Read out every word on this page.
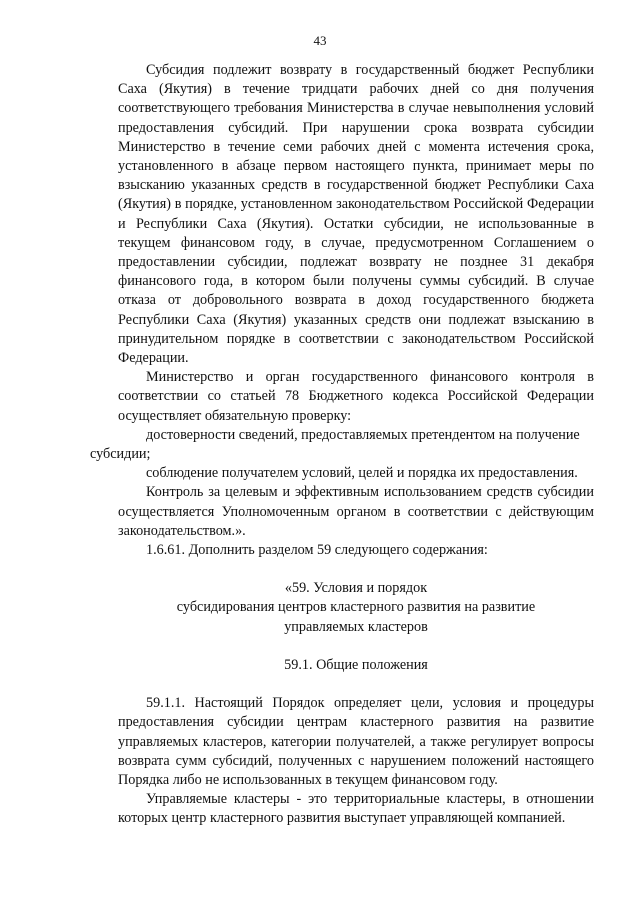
43

Субсидия подлежит возврату в государственный бюджет Республики Саха (Якутия) в течение тридцати рабочих дней со дня получения соответствующего требования Министерства в случае невыполнения условий предоставления субсидий. При нарушении срока возврата субсидии Министерство в течение семи рабочих дней с момента истечения срока, установленного в абзаце первом настоящего пункта, принимает меры по взысканию указанных средств в государственной бюджет Республики Саха (Якутия) в порядке, установленном законодательством Российской Федерации и Республики Саха (Якутия). Остатки субсидии, не использованные в текущем финансовом году, в случае, предусмотренном Соглашением о предоставлении субсидии, подлежат возврату не позднее 31 декабря финансового года, в котором были получены суммы субсидий. В случае отказа от добровольного возврата в доход государственного бюджета Республики Саха (Якутия) указанных средств они подлежат взысканию в принудительном порядке в соответствии с законодательством Российской Федерации.

Министерство и орган государственного финансового контроля в соответствии со статьей 78 Бюджетного кодекса Российской Федерации осуществляет обязательную проверку:

достоверности сведений, предоставляемых претендентом на получение
субсидии;

соблюдение получателем условий, целей и порядка их предоставления.

Контроль за целевым и эффективным использованием средств субсидии осуществляется Уполномоченным органом в соответствии с действующим законодательством.».

1.6.61. Дополнить разделом 59 следующего содержания:

«59. Условия и порядок

субсидирования центров кластерного развития на развитие

управляемых кластеров

59.1. Общие положения

59.1.1. Настоящий Порядок определяет цели, условия и процедуры предоставления субсидии центрам кластерного развития на развитие управляемых кластеров, категории получателей, а также регулирует вопросы возврата сумм субсидий, полученных с нарушением положений настоящего Порядка либо не использованных в текущем финансовом году.

Управляемые кластеры - это территориальные кластеры, в отношении которых центр кластерного развития выступает управляющей компанией.
